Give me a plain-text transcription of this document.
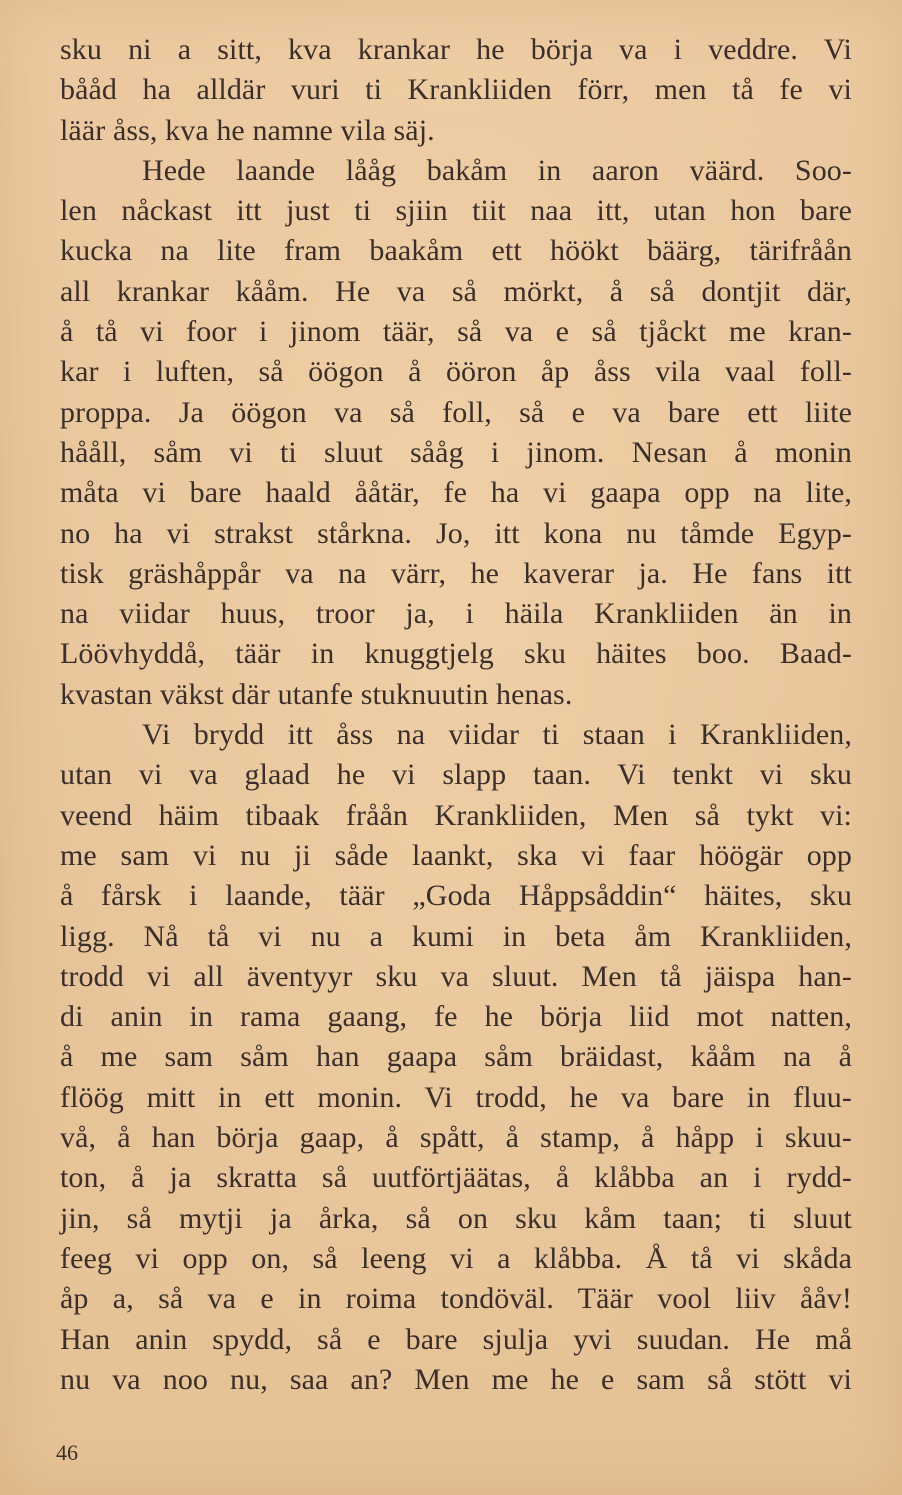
sku ni a sitt, kva krankar he börja va i veddre. Vi
bååd ha alldär vuri ti Krankliiden förr, men tå fe vi
läär åss, kva he namne vila säj.
Hede laande lååg bakåm in aaron väärd. Soo-
len nåckast itt just ti sjiin tiit naa itt, utan hon bare
kucka na lite fram baakåm ett höökt bäärg, tärifråån
all krankar kååm. He va så mörkt, å så dontjit där,
å tå vi foor i jinom täär, så va e så tjåckt me kran-
kar i luften, så öögon å ööron åp åss vila vaal foll-
proppa. Ja öögon va så foll, så e va bare ett liite
hååll, såm vi ti sluut sååg i jinom. Nesan å monin
måta vi bare haald ååtär, fe ha vi gaapa opp na lite,
no ha vi strakst stårkna. Jo, itt kona nu tåmde Egyp-
tisk gräshåppår va na värr, he kaverar ja. He fans itt
na viidar huus, troor ja, i häila Krankliiden än in
Löövhyddå, täär in knuggtjelg sku häites boo. Baad-
kvastan väkst där utanfe stuknuutin henas.
Vi brydd itt åss na viidar ti staan i Krankliiden,
utan vi va glaad he vi slapp taan. Vi tenkt vi sku
veend häim tibaak fråån Krankliiden, Men så tykt vi:
me sam vi nu ji såde laankt, ska vi faar höögär opp
å fårsk i laande, täär „Goda Håppsåddin“ häites, sku
ligg. Nå tå vi nu a kumi in beta åm Krankliiden,
trodd vi all äventyyr sku va sluut. Men tå jäispa han-
di anin in rama gaang, fe he börja liid mot natten,
å me sam såm han gaapa såm bräidast, kååm na å
flöög mitt in ett monin. Vi trodd, he va bare in fluu-
vå, å han börja gaap, å spått, å stamp, å håpp i skuu-
ton, å ja skratta så uutförtjäätas, å klåbba an i rydd-
jin, så mytji ja årka, så on sku kåm taan; ti sluut
feeg vi opp on, så leeng vi a klåbba. Å tå vi skåda
åp a, så va e in roima tondöväl. Täär vool liiv ååv!
Han anin spydd, så e bare sjulja yvi suudan. He må
nu va noo nu, saa an? Men me he e sam så stött vi
46
